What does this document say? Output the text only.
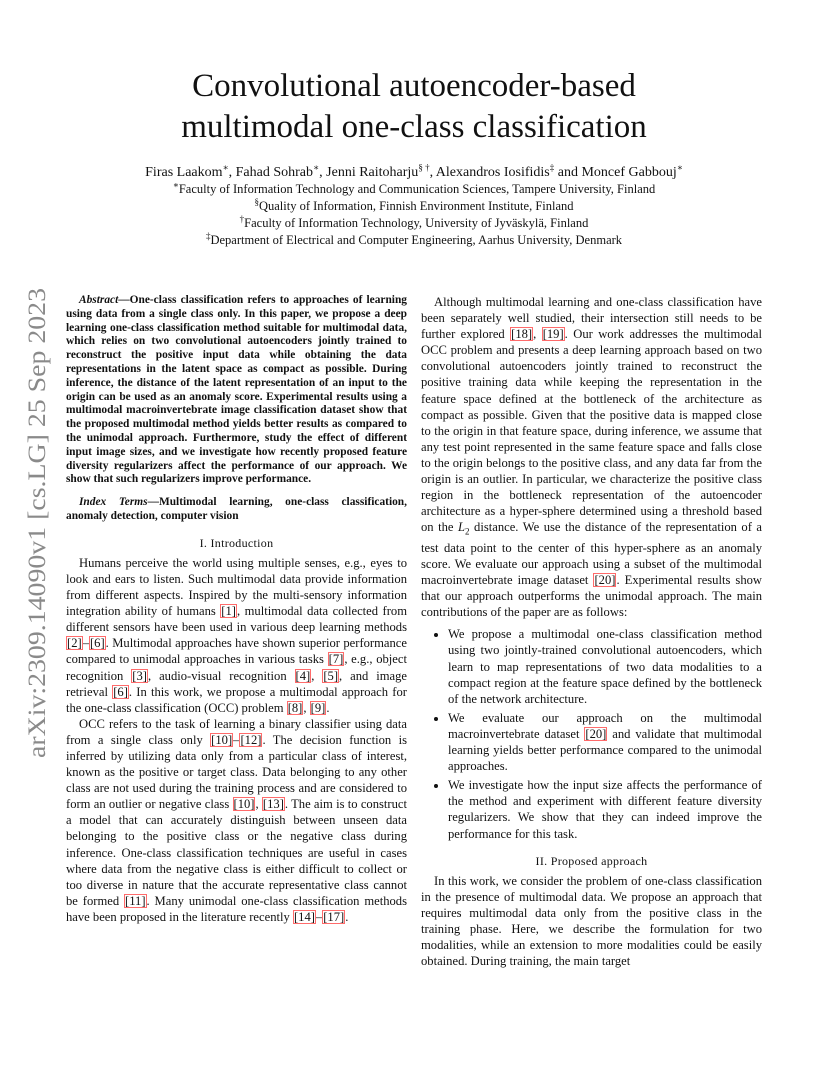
arXiv:2309.14090v1 [cs.LG] 25 Sep 2023
Convolutional autoencoder-based
multimodal one-class classification
Firas Laakom∗, Fahad Sohrab∗, Jenni Raitoharju§ †, Alexandros Iosifidis‡ and Moncef Gabbouj∗
∗Faculty of Information Technology and Communication Sciences, Tampere University, Finland
§Quality of Information, Finnish Environment Institute, Finland
†Faculty of Information Technology, University of Jyväskylä, Finland
‡Department of Electrical and Computer Engineering, Aarhus University, Denmark

Abstract—One-class classification refers to approaches of learning using data from a single class only. In this paper, we propose a deep learning one-class classification method suitable for multimodal data, which relies on two convolutional autoencoders jointly trained to reconstruct the positive input data while obtaining the data representations in the latent space as compact as possible. During inference, the distance of the latent representation of an input to the origin can be used as an anomaly score. Experimental results using a multimodal macroinvertebrate image classification dataset show that the proposed multimodal method yields better results as compared to the unimodal approach. Furthermore, study the effect of different input image sizes, and we investigate how recently proposed feature diversity regularizers affect the performance of our approach. We show that such regularizers improve performance.

Index Terms—Multimodal learning, one-class classification, anomaly detection, computer vision

I. Introduction

Humans perceive the world using multiple senses, e.g., eyes to look and ears to listen. Such multimodal data provide information from different aspects. Inspired by the multi-sensory information integration ability of humans [1], multimodal data collected from different sensors have been used in various deep learning methods [2]–[6]. Multimodal approaches have shown superior performance compared to unimodal approaches in various tasks [7], e.g., object recognition [3], audio-visual recognition [4], [5], and image retrieval [6]. In this work, we propose a multimodal approach for the one-class classification (OCC) problem [8], [9].

OCC refers to the task of learning a binary classifier using data from a single class only [10]–[12]. The decision function is inferred by utilizing data only from a particular class of interest, known as the positive or target class. Data belonging to any other class are not used during the training process and are considered to form an outlier or negative class [10], [13]. The aim is to construct a model that can accurately distinguish between unseen data belonging to the positive class or the negative class during inference. One-class classification techniques are useful in cases where data from the negative class is either difficult to collect or too diverse in nature that the accurate representative class cannot be formed [11]. Many unimodal one-class classification methods have been proposed in the literature recently [14]–[17].

Although multimodal learning and one-class classification have been separately well studied, their intersection still needs to be further explored [18], [19]. Our work addresses the multimodal OCC problem and presents a deep learning approach based on two convolutional autoencoders jointly trained to reconstruct the positive training data while keeping the representation in the feature space defined at the bottleneck of the architecture as compact as possible. Given that the positive data is mapped close to the origin in that feature space, during inference, we assume that any test point represented in the same feature space and falls close to the origin belongs to the positive class, and any data far from the origin is an outlier. In particular, we characterize the positive class region in the bottleneck representation of the autoencoder architecture as a hyper-sphere determined using a threshold based on the $L_2$ distance. We use the distance of the representation of a test data point to the center of this hyper-sphere as an anomaly score. We evaluate our approach using a subset of the multimodal macroinvertebrate image dataset [20]. Experimental results show that our approach outperforms the unimodal approach. The main contributions of the paper are as follows:

• We propose a multimodal one-class classification method using two jointly-trained convolutional autoencoders, which learn to map representations of two data modalities to a compact region at the feature space defined by the bottleneck of the network architecture.
• We evaluate our approach on the multimodal macroinvertebrate dataset [20] and validate that multimodal learning yields better performance compared to the unimodal approaches.
• We investigate how the input size affects the performance of the method and experiment with different feature diversity regularizers. We show that they can indeed improve the performance for this task.
II. Proposed approach

In this work, we consider the problem of one-class classification in the presence of multimodal data. We propose an approach that requires multimodal data only from the positive class in the training phase. Here, we describe the formulation for two modalities, while an extension to more modalities could be easily obtained. During training, the main target
